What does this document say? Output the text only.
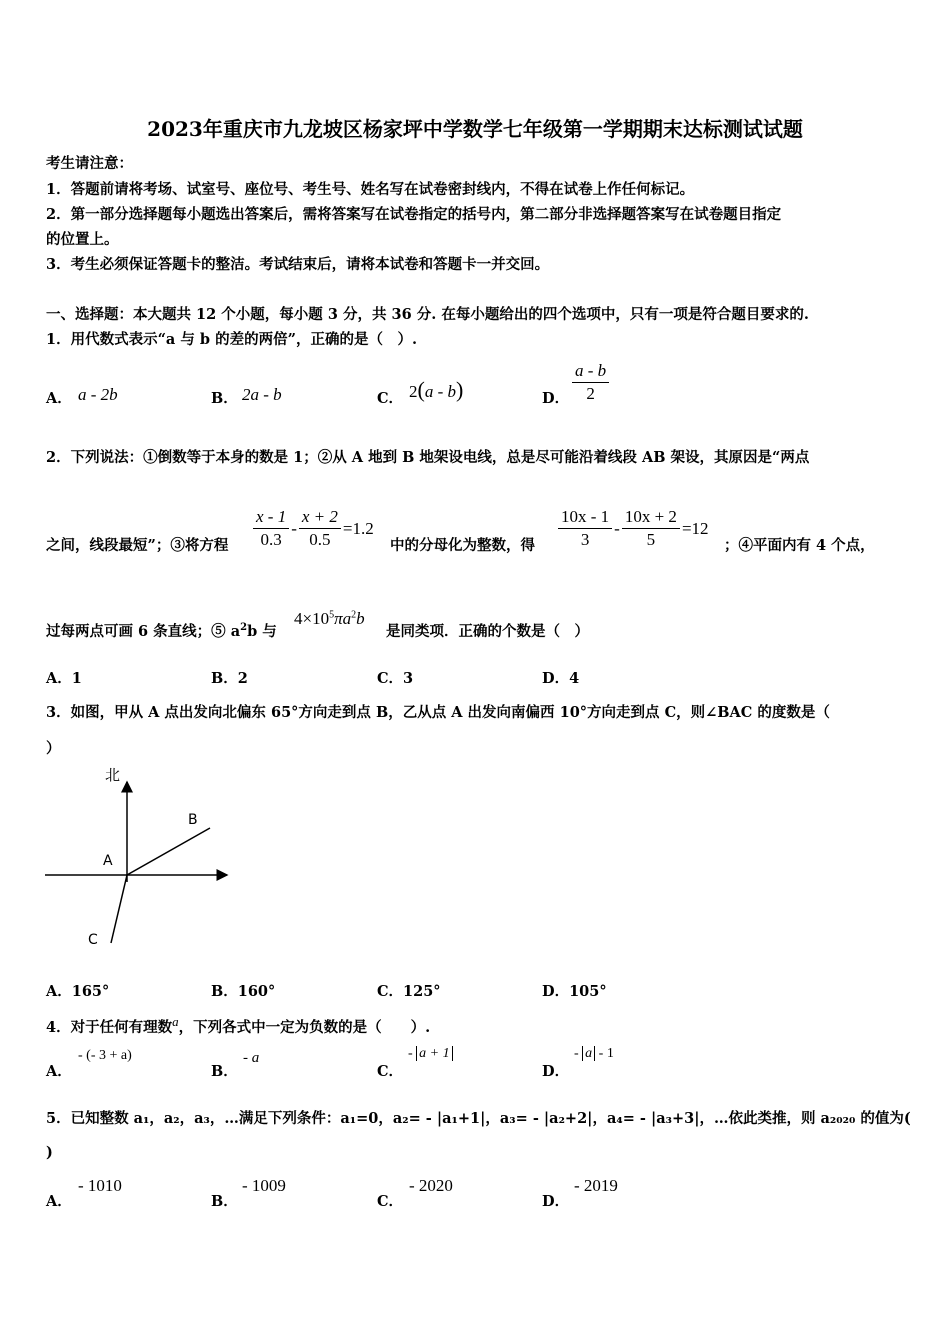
2023年重庆市九龙坡区杨家坪中学数学七年级第一学期期末达标测试试题
考生请注意：
1．答题前请将考场、试室号、座位号、考生号、姓名写在试卷密封线内，不得在试卷上作任何标记。
2．第一部分选择题每小题选出答案后，需将答案写在试卷指定的括号内，第二部分非选择题答案写在试卷题目指定
的位置上。
3．考生必须保证答题卡的整洁。考试结束后，请将本试卷和答题卡一并交回。
一、选择题：本大题共 12 个小题，每小题 3 分，共 36 分. 在每小题给出的四个选项中，只有一项是符合题目要求的.
1．用代数式表示“a 与 b 的差的两倍”，正确的是（　）.
A． a - 2b	B． 2a - b	C． 2(a - b)	D． $\frac{a - b}{2}$
2．下列说法：①倒数等于本身的数是 1；②从 A 地到 B 地架设电线，总是尽可能沿着线段 AB 架设，其原因是“两点
之间，线段最短”；③将方程 $\frac{x - 1}{0.3} - \frac{x + 2}{0.5} =1.2$
中的分母化为整数，得 $\frac{10x - 1}{3} - \frac{10x + 2}{5} =12$
；④平面内有 4 个点，
过每两点可画 6 条直线；⑤ $a^2b$ 与
$4\times 10^5\pi a^2b$
是同类项．正确的个数是（　）
A．1	B．2	C．3	D．4
3．如图，甲从 A 点出发向北偏东 65°方向走到点 B，乙从点 A 出发向南偏西 10°方向走到点 C，则∠BAC 的度数是（
）
北
A
B
C
A．165°	B．160°	C．125°	D．105°
4．对于任何有理数$^a$，下列各式中一定为负数的是（　　）.
A．
- (- 3 + a)
B．
- a
C．
- a + 1
D．
- a - 1
5．已知整数 a₁，a₂，a₃，…满足下列条件：a₁=0，a₂= - |a₁+1|，a₃= - |a₂+2|，a₄= - |a₃+3|，…依此类推，则 a₂₀₂₀ 的值为(
)
A．
- 1010
B．
- 1009
C．
- 2020
D．
- 2019
